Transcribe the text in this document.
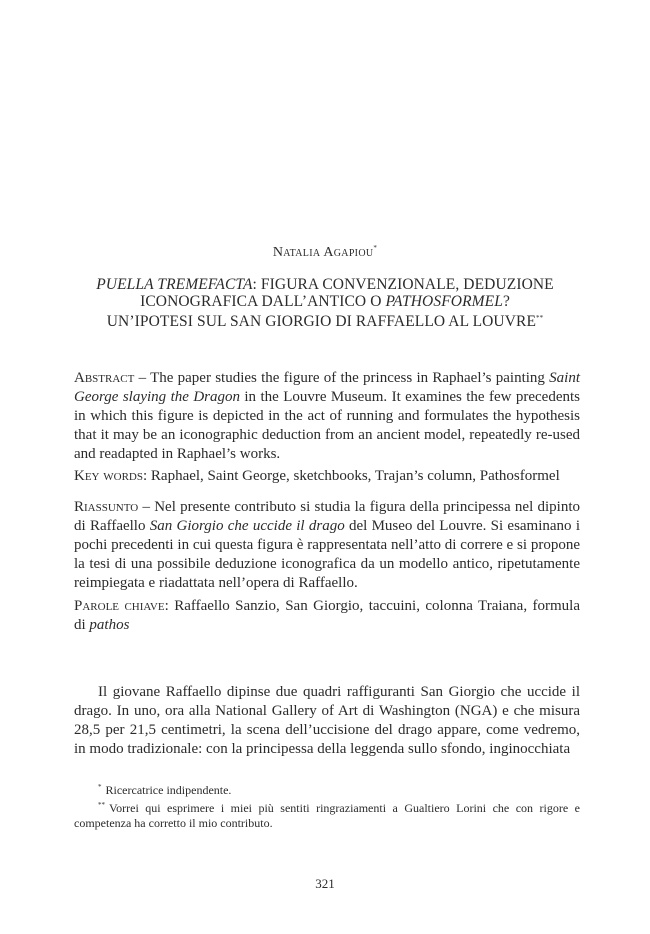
Natalia Agapiou*
PUELLA TREMEFACTA: FIGURA CONVENZIONALE, DEDUZIONE
ICONOGRAFICA DALL’ANTICO O PATHOSFORMEL?
UN’IPOTESI SUL SAN GIORGIO DI RAFFAELLO AL LOUVRE**

Abstract – The paper studies the figure of the princess in Raphael’s painting Saint George slaying the Dragon in the Louvre Museum. It examines the few precedents in which this figure is depicted in the act of running and formulates the hypothesis that it may be an iconographic deduction from an ancient model, repeatedly re-used and readapted in Raphael’s works.

Key words: Raphael, Saint George, sketchbooks, Trajan’s column, Pathosformel

Riassunto – Nel presente contributo si studia la figura della principessa nel dipinto di Raffaello San Giorgio che uccide il drago del Museo del Louvre. Si esaminano i pochi precedenti in cui questa figura è rappresentata nell’atto di correre e si propone la tesi di una possibile deduzione iconografica da un modello antico, ripetutamente reimpiegata e riadattata nell’opera di Raffaello.

Parole chiave: Raffaello Sanzio, San Giorgio, taccuini, colonna Traiana, formula di pathos

Il giovane Raffaello dipinse due quadri raffiguranti San Giorgio che uccide il drago. In uno, ora alla National Gallery of Art di Washington (NGA) e che misura 28,5 per 21,5 centimetri, la scena dell’uccisione del drago appare, come vedremo, in modo tradizionale: con la principessa della leggenda sullo sfondo, inginocchiata

* Ricercatrice indipendente.

** Vorrei qui esprimere i miei più sentiti ringraziamenti a Gualtiero Lorini che con rigore e competenza ha corretto il mio contributo.

321
